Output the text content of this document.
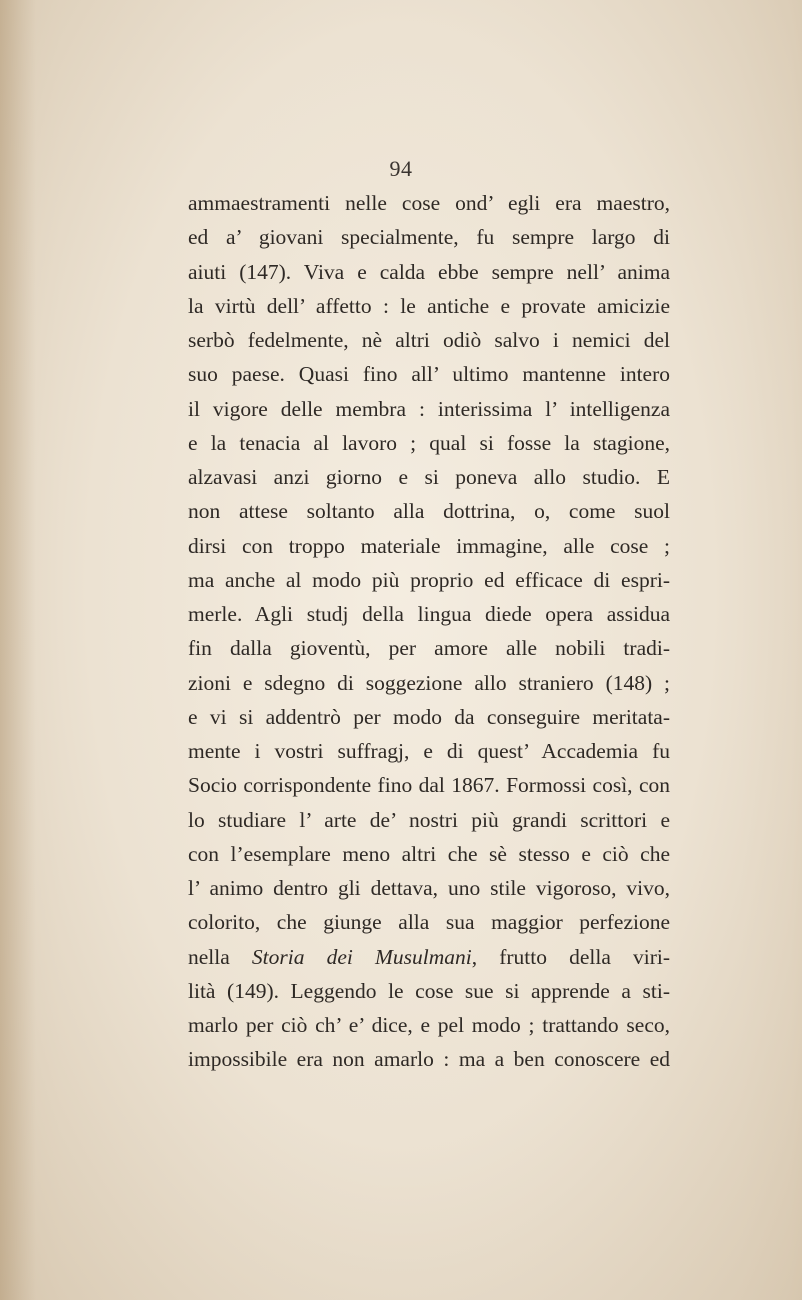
94
ammaestramenti nelle cose ond’ egli era maestro,
ed a’ giovani specialmente, fu sempre largo di
aiuti (147). Viva e calda ebbe sempre nell’ anima
la virtù dell’ affetto : le antiche e provate amicizie
serbò fedelmente, nè altri odiò salvo i nemici del
suo paese. Quasi fino all’ ultimo mantenne intero
il vigore delle membra : interissima l’ intelligenza
e la tenacia al lavoro ; qual si fosse la stagione,
alzavasi anzi giorno e si poneva allo studio. E
non attese soltanto alla dottrina, o, come suol
dirsi con troppo materiale immagine, alle cose ;
ma anche al modo più proprio ed efficace di espri-
merle. Agli studj della lingua diede opera assidua
fin dalla gioventù, per amore alle nobili tradi-
zioni e sdegno di soggezione allo straniero (148) ;
e vi si addentrò per modo da conseguire meritata-
mente i vostri suffragj, e di quest’ Accademia fu
Socio corrispondente fino dal 1867. Formossi così, con
lo studiare l’ arte de’ nostri più grandi scrittori e
con l’esemplare meno altri che sè stesso e ciò che
l’ animo dentro gli dettava, uno stile vigoroso, vivo,
colorito, che giunge alla sua maggior perfezione
nella Storia dei Musulmani, frutto della viri-
lità (149). Leggendo le cose sue si apprende a sti-
marlo per ciò ch’ e’ dice, e pel modo ; trattando seco,
impossibile era non amarlo : ma a ben conoscere ed
